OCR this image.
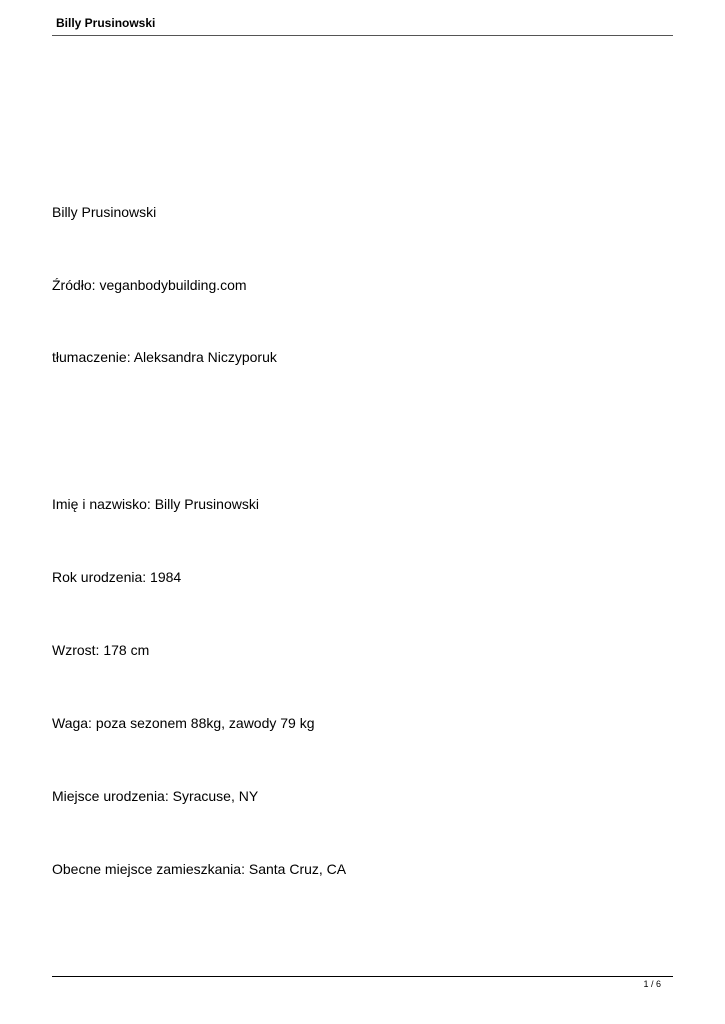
Billy Prusinowski
Billy Prusinowski
Źródło: veganbodybuilding.com
tłumaczenie: Aleksandra Niczyporuk
Imię i nazwisko: Billy Prusinowski
Rok urodzenia: 1984
Wzrost: 178 cm
Waga: poza sezonem 88kg, zawody 79 kg
Miejsce urodzenia: Syracuse, NY
Obecne miejsce zamieszkania: Santa Cruz, CA
1 / 6
